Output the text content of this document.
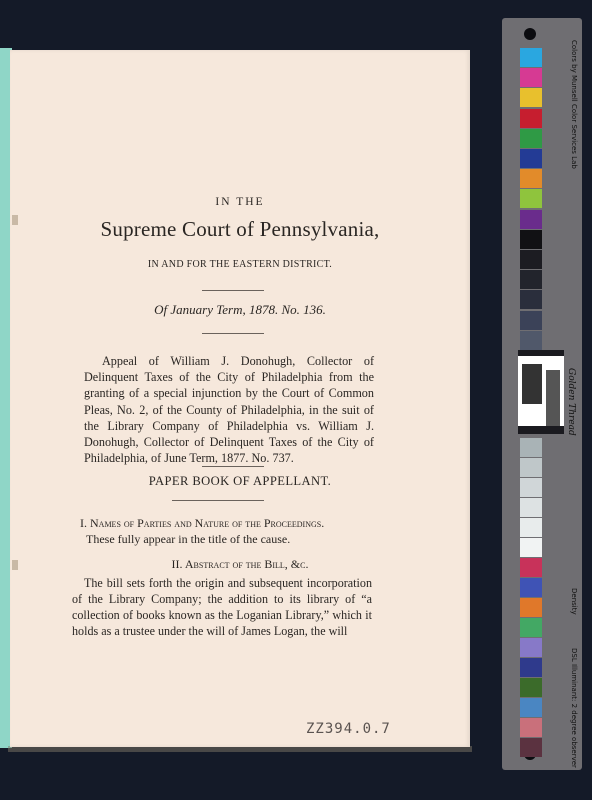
IN THE

Supreme Court of Pennsylvania,

IN AND FOR THE EASTERN DISTRICT.

Of January Term, 1878. No. 136.

Appeal of William J. Donohugh, Collector of Delinquent Taxes of the City of Philadelphia from the granting of a special injunction by the Court of Common Pleas, No. 2, of the County of Philadelphia, in the suit of the Library Company of Philadelphia vs. William J. Donohugh, Collector of Delinquent Taxes of the City of Philadelphia, of June Term, 1877. No. 737.

PAPER BOOK OF APPELLANT.

I. Names of Parties and Nature of the Proceedings.

These fully appear in the title of the cause.

II. Abstract of the Bill, &c.

The bill sets forth the origin and subsequent incorporation of the Library Company; the addition to its library of “a collection of books known as the Loganian Library,” which it holds as a trustee under the will of James Logan, the will

ZZ394.0.7

Colors by Munsell Color Services Lab
Golden Thread
Density
DSL Illuminant: 2 degree observer
